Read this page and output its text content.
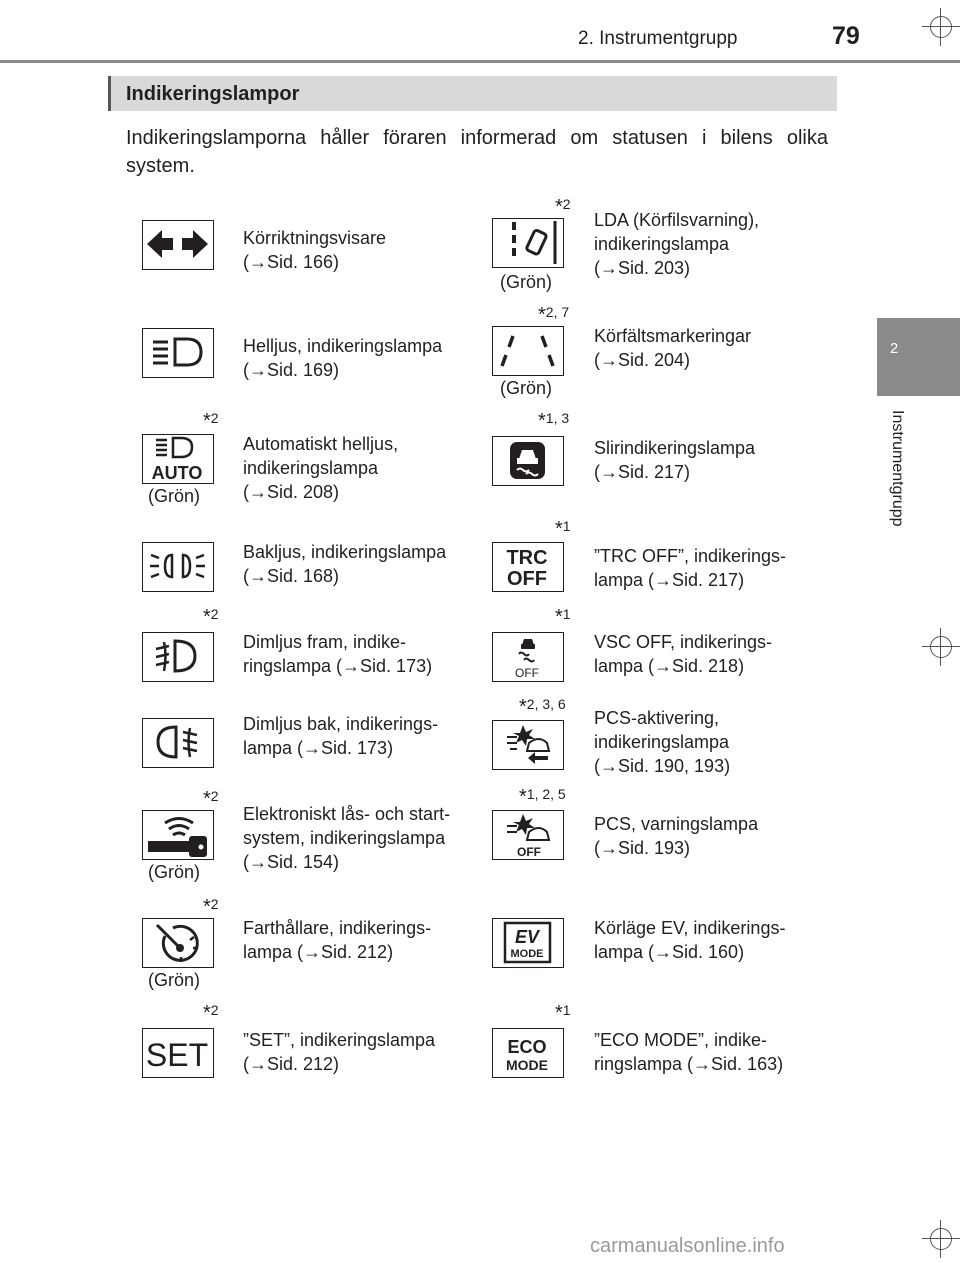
2. Instrumentgrupp	79
2
Instrumentgrupp
Indikeringslampor
Indikeringslamporna håller föraren informerad om statusen i bilens olika system.
Körriktningsvisare
(→Sid. 166)
*2
(Grön)
LDA (Körfilsvarning),
indikeringslampa
(→Sid. 203)
Helljus, indikeringslampa
(→Sid. 169)
*2, 7
(Grön)
Körfältsmarkeringar
(→Sid. 204)
*2
AUTO
(Grön)
Automatiskt helljus,
indikeringslampa
(→Sid. 208)
*1, 3
Slirindikeringslampa
(→Sid. 217)
Bakljus, indikeringslampa
(→Sid. 168)
*1
TRC
OFF
”TRC OFF”, indikerings-
lampa (→Sid. 217)
*2
Dimljus fram, indike-
ringslampa (→Sid. 173)
*1
OFF
VSC OFF, indikerings-
lampa (→Sid. 218)
Dimljus bak, indikerings-
lampa (→Sid. 173)
*2, 3, 6
PCS-aktivering,
indikeringslampa
(→Sid. 190, 193)
*2
(Grön)
Elektroniskt lås- och start-
system, indikeringslampa
(→Sid. 154)
*1, 2, 5
OFF
PCS, varningslampa
(→Sid. 193)
*2
(Grön)
Farthållare, indikerings-
lampa (→Sid. 212)
EV
MODE
Körläge EV, indikerings-
lampa (→Sid. 160)
*2
SET ”SET”, indikeringslampa
(→Sid. 212)
*1
ECO
MODE
”ECO MODE”, indike-
ringslampa (→Sid. 163)
carmanualsonline.info
